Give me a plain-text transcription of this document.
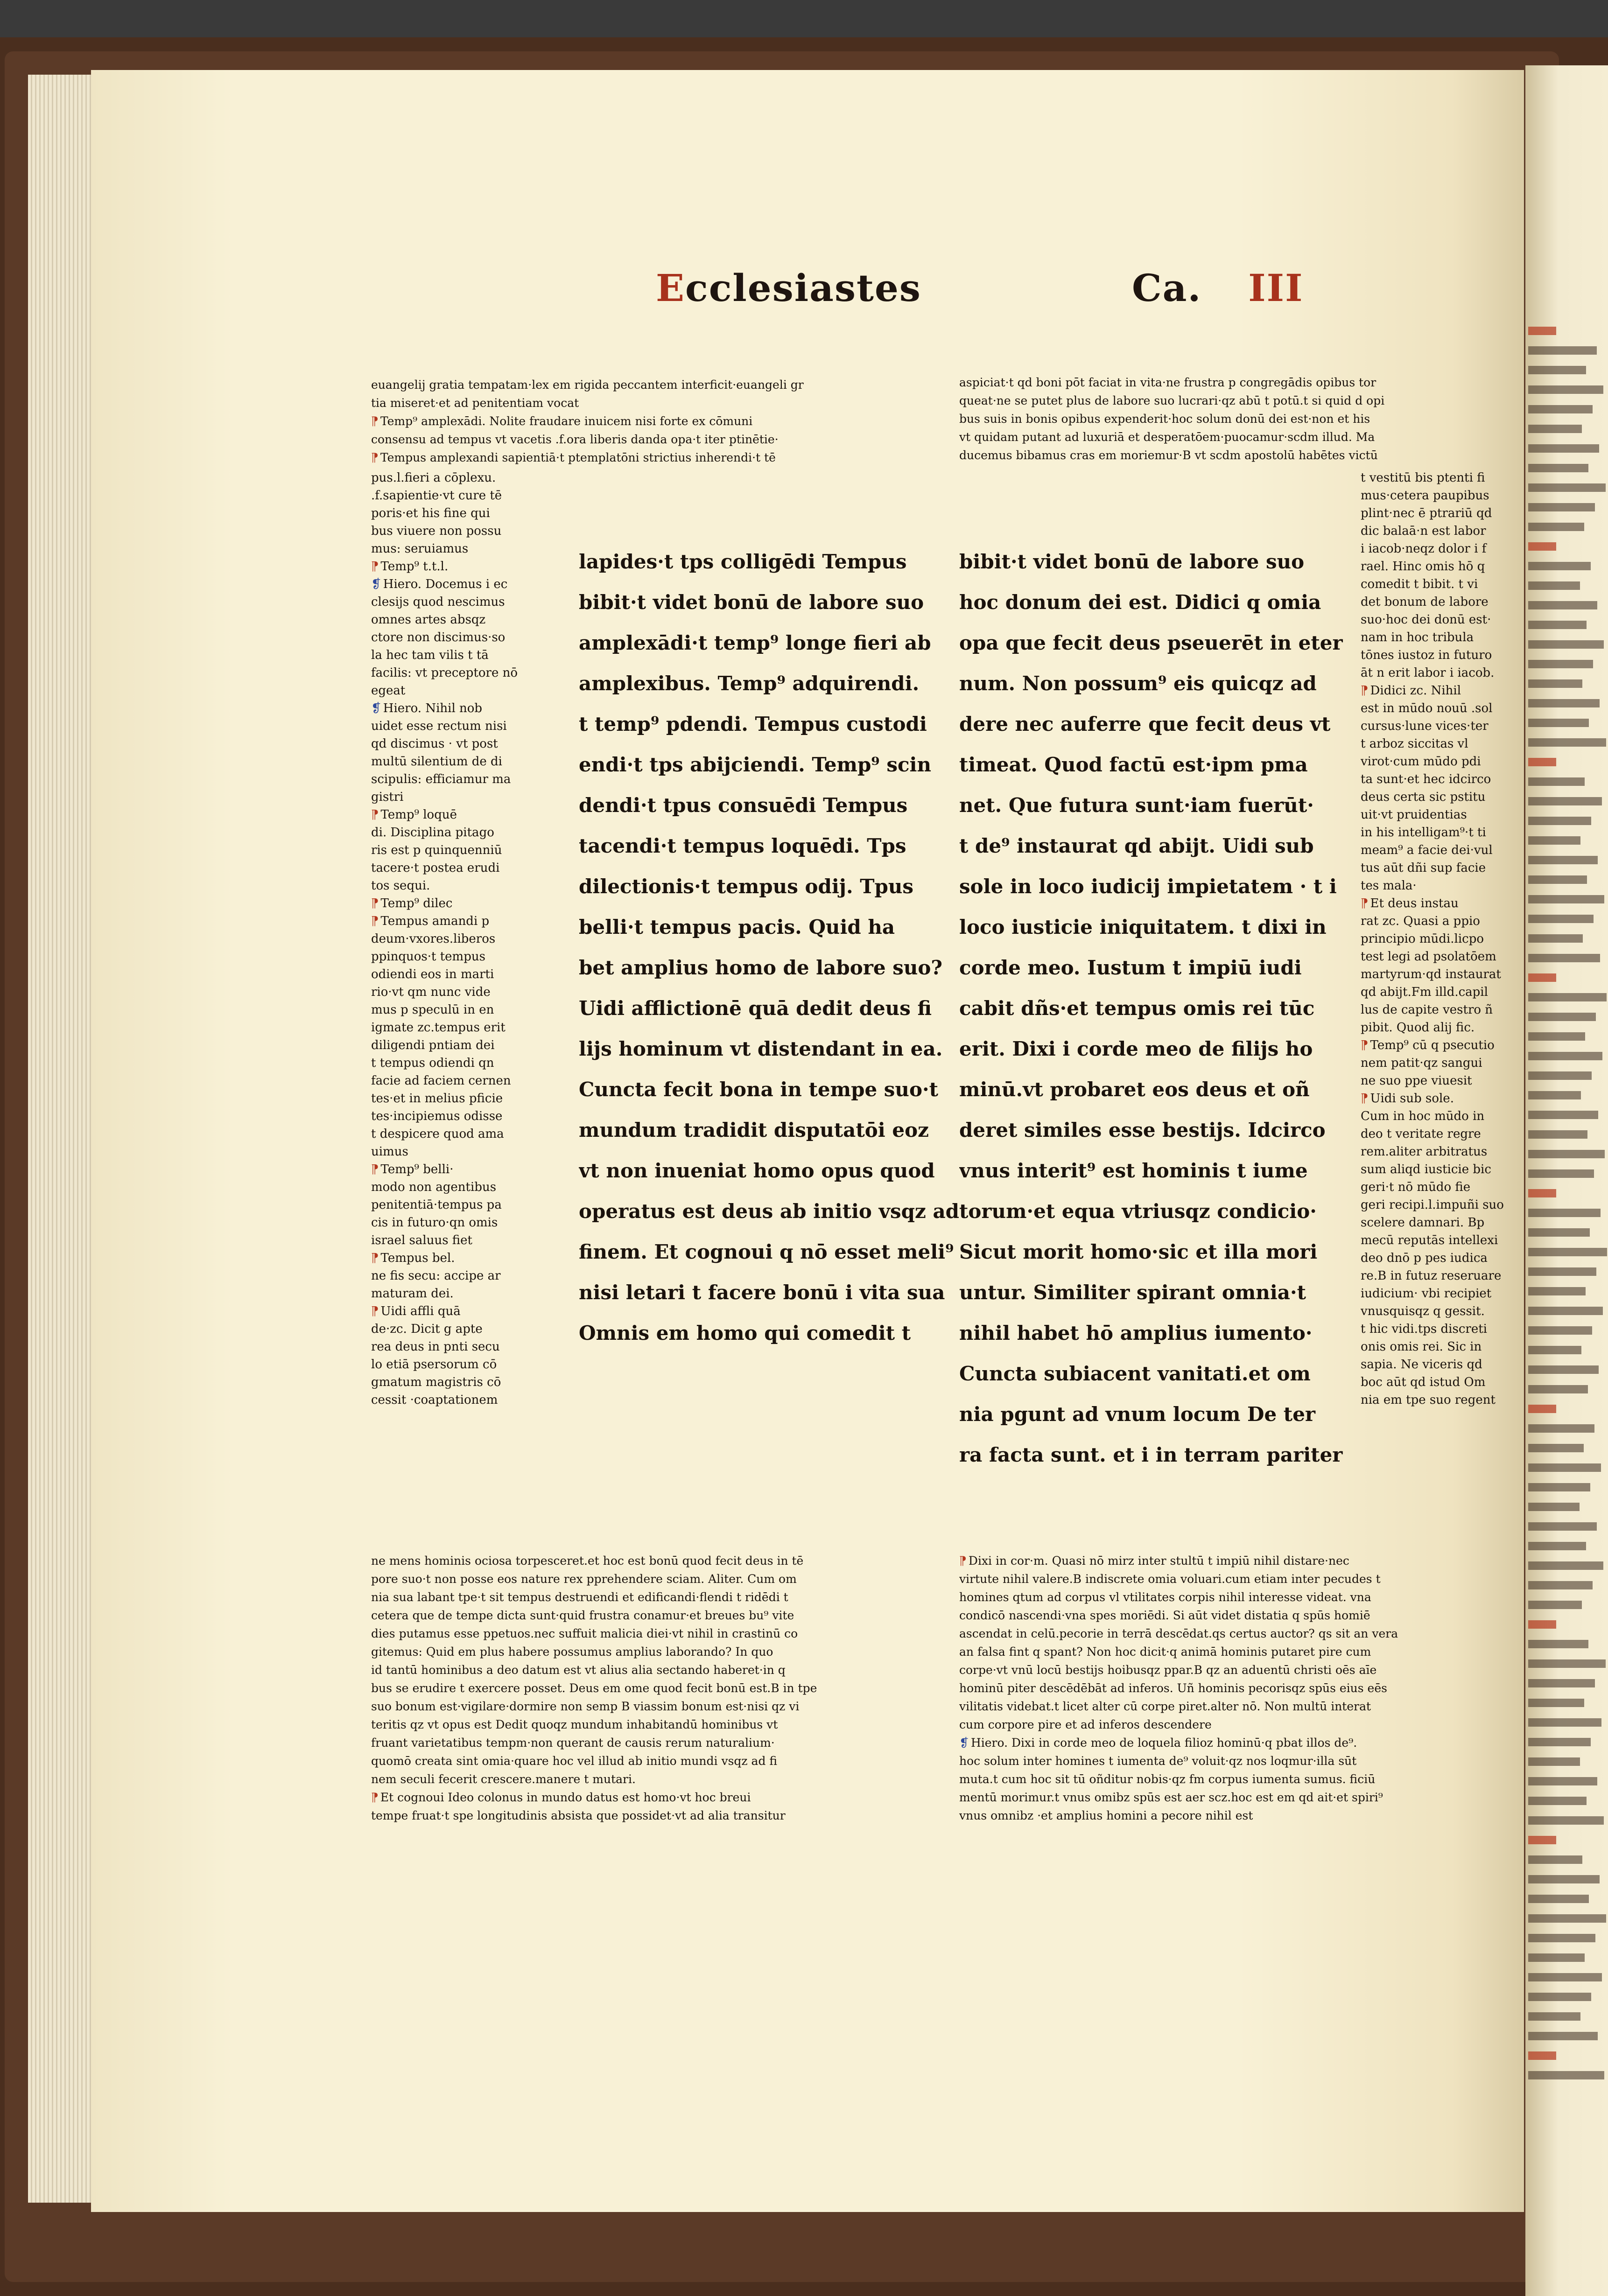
Ecclesiastes	Ca. III
euangelij gratia tempatam·lex em rigida peccantem interficit·euangeli gr
tia miseret·et ad penitentiam vocat
⁋ Temp⁹ amplexādi. Nolite fraudare inuicem nisi forte ex cōmuni
consensu ad tempus vt vacetis .f.ora liberis danda opa·t iter ptinētie·
⁋ Tempus amplexandi sapientiā·t ptemplatōni strictius inherendi·t tē
pus.l.fieri a cōplexu.
.f.sapientie·vt cure tē
poris·et his fine qui
bus viuere non possu
mus: seruiamus
⁋ Temp⁹ t.t.l.
❡ Hiero. Docemus i ec
clesijs quod nescimus
omnes artes absqz
ctore non discimus·so
la hec tam vilis t tā
facilis: vt preceptore nō
egeat
❡ Hiero. Nihil nob
uidet esse rectum nisi
qd discimus · vt post
multū silentium de di
scipulis: efficiamur ma
gistri
⁋ Temp⁹ loquē
di. Disciplina pitago
ris est p quinquenniū
tacere·t postea erudi
tos sequi.
⁋ Temp⁹ dilec
⁋ Tempus amandi p
deum·vxores.liberos
ppinquos·t tempus
odiendi eos in marti
rio·vt qm nunc vide
mus p speculū in en
igmate zc.tempus erit
diligendi pntiam dei
t tempus odiendi qn
facie ad faciem cernen
tes·et in melius pficie
tes·incipiemus odisse
t despicere quod ama
uimus
⁋ Temp⁹ belli·
modo non agentibus
penitentiā·tempus pa
cis in futuro·qn omis
israel saluus fiet
⁋ Tempus bel.
ne fis secu: accipe ar
maturam dei.
⁋ Uidi affli quā
de·zc. Dicit g apte
rea deus in pnti secu
lo etiā psersorum cō
gmatum magistris cō
cessit ·coaptationem
lapides·t tps colligēdi Tempus
bibit·t videt bonū de labore suo
amplexādi·t temp⁹ longe fieri ab
amplexibus. Temp⁹ adquirendi.
t temp⁹ pdendi. Tempus custodi
endi·t tps abijciendi. Temp⁹ scin
dendi·t tpus consuēdi Tempus
tacendi·t tempus loquēdi. Tps
dilectionis·t tempus odij. Tpus
belli·t tempus pacis. Quid ha
bet amplius homo de labore suo?
Uidi afflictionē quā dedit deus fi
lijs hominum vt distendant in ea.
Cuncta fecit bona in tempe suo·t
mundum tradidit disputatōi eoz
vt non inueniat homo opus quod
operatus est deus ab initio vsqz ad
finem. Et cognoui q nō esset meli⁹
nisi letari t facere bonū i vita sua
Omnis em homo qui comedit t
ne mens hominis ociosa torpesceret.et hoc est bonū quod fecit deus in tē
pore suo·t non posse eos nature rex pprehendere sciam. Aliter. Cum om
nia sua labant tpe·t sit tempus destruendi et edificandi·flendi t ridēdi t
cetera que de tempe dicta sunt·quid frustra conamur·et breues bu⁹ vite
dies putamus esse ppetuos.nec suffuit malicia diei·vt nihil in crastinū co
gitemus: Quid em plus habere possumus amplius laborando? In quo
id tantū hominibus a deo datum est vt alius alia sectando haberet·in q
bus se erudire t exercere posset. Deus em ome quod fecit bonū est.B in tpe
suo bonum est·vigilare·dormire non semp B viassim bonum est·nisi qz vi
teritis qz vt opus est Dedit quoqz mundum inhabitandū hominibus vt
fruant varietatibus tempm·non querant de causis rerum naturalium·
quomō creata sint omia·quare hoc vel illud ab initio mundi vsqz ad fi
nem seculi fecerit crescere.manere t mutari.
⁋ Et cognoui Ideo colonus in mundo datus est homo·vt hoc breui
tempe fruat·t spe longitudinis absista que possidet·vt ad alia transitur
aspiciat·t qd boni pōt faciat in vita·ne frustra p congregādis opibus tor
queat·ne se putet plus de labore suo lucrari·qz abū t potū.t si quid d opi
bus suis in bonis opibus expenderit·hoc solum donū dei est·non et his
vt quidam putant ad luxuriā et desperatōem·puocamur·scdm illud. Ma
ducemus bibamus cras em moriemur·B vt scdm apostolū habētes victū
bibit·t videt bonū de labore suo
hoc donum dei est. Didici q omia
opa que fecit deus pseuerēt in eter
num. Non possum⁹ eis quicqz ad
dere nec auferre que fecit deus vt
timeat. Quod factū est·ipm pma
net. Que futura sunt·iam fuerūt·
t de⁹ instaurat qd abijt. Uidi sub
sole in loco iudicij impietatem · t i
loco iusticie iniquitatem. t dixi in
corde meo. Iustum t impiū iudi
cabit dñs·et tempus omis rei tūc
erit. Dixi i corde meo de filijs ho
minū.vt probaret eos deus et oñ
deret similes esse bestijs. Idcirco
vnus interit⁹ est hominis t iume
torum·et equa vtriusqz condicio·
Sicut morit homo·sic et illa mori
untur. Similiter spirant omnia·t
nihil habet hō amplius iumento·
Cuncta subiacent vanitati.et om
nia pgunt ad vnum locum De ter
ra facta sunt. et i in terram pariter
t vestitū bis ptenti fi
mus·cetera paupibus
plint·nec ē ptrariū qd
dic balaā·n est labor
i iacob·neqz dolor i f
rael. Hinc omis hō q
comedit t bibit. t vi
det bonum de labore
suo·hoc dei donū est·
nam in hoc tribula
tōnes iustoz in futuro
āt n erit labor i iacob.
⁋ Didici zc. Nihil
est in mūdo nouū .sol
cursus·lune vices·ter
t arboz siccitas vl
virot·cum mūdo pdi
ta sunt·et hec idcirco
deus certa sic pstitu
uit·vt pruidentias
in his intelligam⁹·t ti
meam⁹ a facie dei·vul
tus aūt dñi sup facie
tes mala·
⁋ Et deus instau
rat zc. Quasi a ppio
principio mūdi.licpo
test legi ad psolatōem
martyrum·qd instaurat
qd abijt.Fm illd.capil
lus de capite vestro ñ
pibit. Quod alij fic.
⁋ Temp⁹ cū q psecutio
nem patit·qz sangui
ne suo ppe viuesit
⁋ Uidi sub sole.
Cum in hoc mūdo in
deo t veritate regre
rem.aliter arbitratus
sum aliqd iusticie bic
geri·t nō mūdo fie
geri recipi.l.impuñi suo
scelere damnari. Bp
mecū reputās intellexi
deo dnō p pes iudica
re.B in futuz reseruare
iudicium· vbi recipiet
vnusquisqz q gessit.
t hic vidi.tps discreti
onis omis rei. Sic in
sapia. Ne viceris qd
boc aūt qd istud Om
nia em tpe suo regent
⁋ Dixi in cor·m. Quasi nō mirz inter stultū t impiū nihil distare·nec
virtute nihil valere.B indiscrete omia voluari.cum etiam inter pecudes t
homines qtum ad corpus vl vtilitates corpis nihil interesse videat. vna
condicō nascendi·vna spes moriēdi. Si aūt videt distatia q spūs homiē
ascendat in celū.pecorie in terrā descēdat.qs certus auctor? qs sit an vera
an falsa fint q spant? Non hoc dicit·q animā hominis putaret pire cum
corpe·vt vnū locū bestijs hoibusqz ppar.B qz an aduentū christi oēs aīe
hominū piter descēdēbāt ad inferos. Uñ hominis pecorisqz spūs eius eēs
vilitatis videbat.t licet alter cū corpe piret.alter nō. Non multū interat
cum corpore pire et ad inferos descendere
❡ Hiero. Dixi in corde meo de loquela filioz hominū·q pbat illos de⁹.
hoc solum inter homines t iumenta de⁹ voluit·qz nos loqmur·illa sūt
muta.t cum hoc sit tū oñditur nobis·qz fm corpus iumenta sumus. ficiū
mentū morimur.t vnus omibz spūs est aer scz.hoc est em qd ait·et spiri⁹
vnus omnibz ·et amplius homini a pecore nihil est
